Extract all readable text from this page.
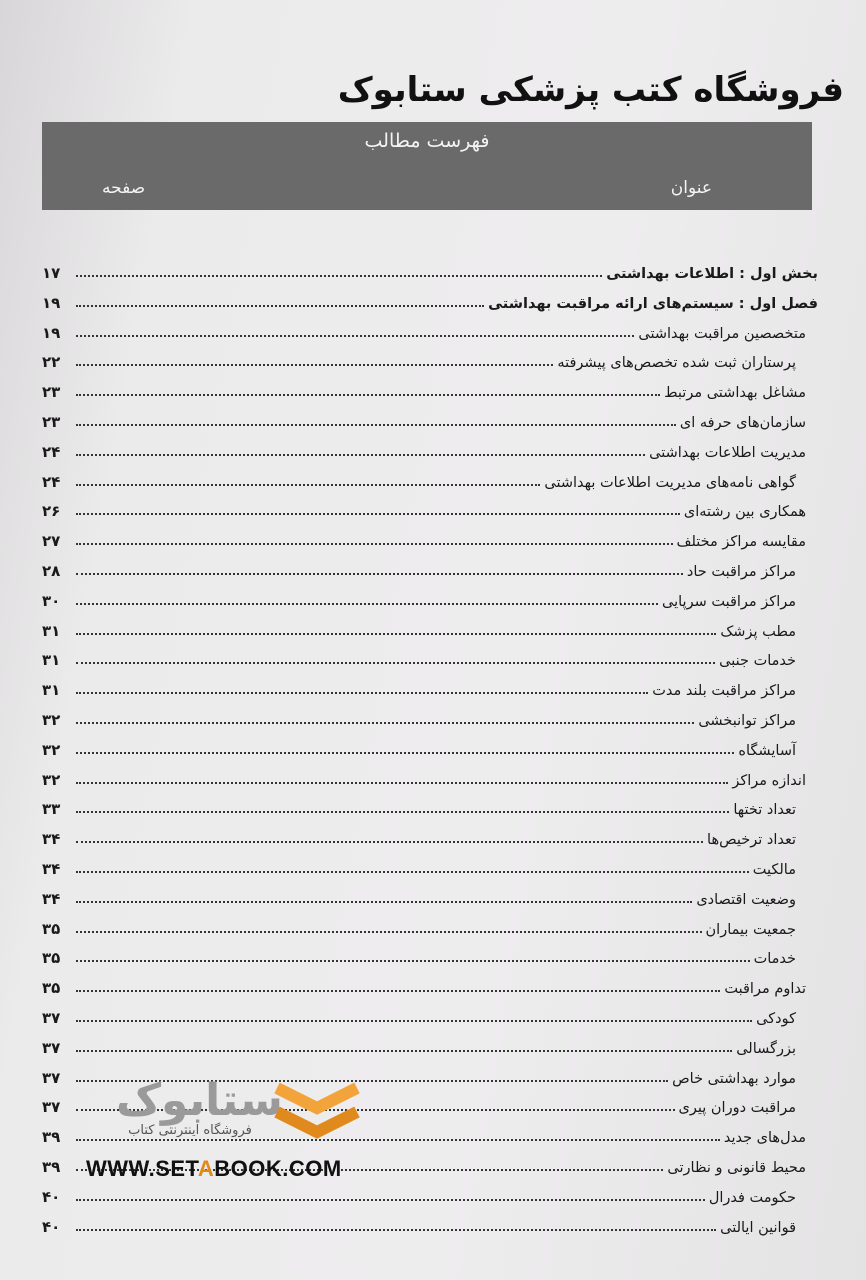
فروشگاه کتب پزشکی ستابوک
فهرست مطالب
عنوان
صفحه
بخش اول : اطلاعات بهداشتی
۱۷
فصل اول : سیستم‌های ارائه مراقبت بهداشتی
۱۹
متخصصین مراقبت بهداشتی
۱۹
پرستاران ثبت شده تخصص‌های پیشرفته
۲۲
مشاغل بهداشتی مرتبط
۲۳
سازمان‌های حرفه ای
۲۳
مدیریت اطلاعات بهداشتی
۲۴
گواهی نامه‌های مدیریت اطلاعات بهداشتی
۲۴
همکاری بین رشته‌ای
۲۶
مقایسه مراکز مختلف
۲۷
مراکز مراقبت حاد
۲۸
مراکز مراقبت سرپایی
۳۰
مطب پزشک
۳۱
خدمات جنبی
۳۱
مراکز مراقبت بلند مدت
۳۱
مراکز توانبخشی
۳۲
آسایشگاه
۳۲
اندازه مراکز
۳۲
تعداد تختها
۳۳
تعداد ترخیص‌ها
۳۴
مالکیت
۳۴
وضعیت اقتصادی
۳۴
جمعیت بیماران
۳۵
خدمات
۳۵
تداوم مراقبت
۳۵
کودکی
۳۷
بزرگسالی
۳۷
موارد بهداشتی خاص
۳۷
مراقبت دوران پیری
۳۷
مدل‌های جدید
۳۹
محیط قانونی و نظارتی
۳۹
حکومت فدرال
۴۰
قوانین ایالتی
۴۰
ستابوک
فروشگاه اینترنتی کتاب
WWW.SETABOOK.COM
